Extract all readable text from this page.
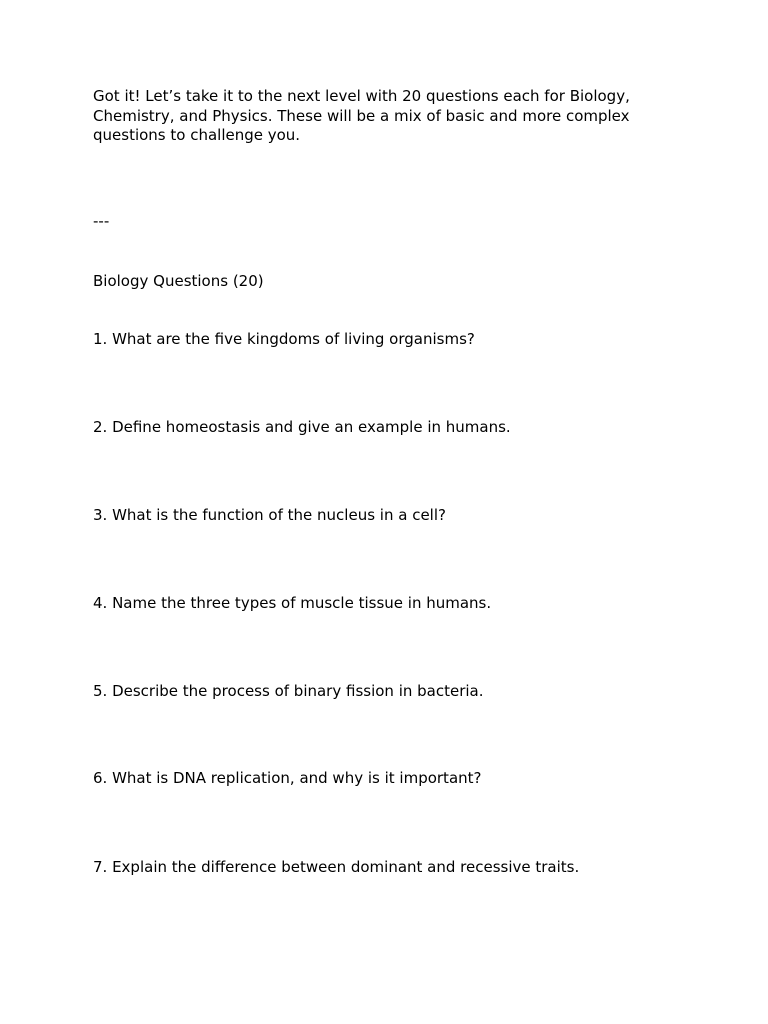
Got it! Let’s take it to the next level with 20 questions each for Biology, Chemistry, and Physics. These will be a mix of basic and more complex questions to challenge you.

---

Biology Questions (20)

1. What are the five kingdoms of living organisms?

2. Define homeostasis and give an example in humans.

3. What is the function of the nucleus in a cell?

4. Name the three types of muscle tissue in humans.

5. Describe the process of binary fission in bacteria.

6. What is DNA replication, and why is it important?

7. Explain the difference between dominant and recessive traits.
